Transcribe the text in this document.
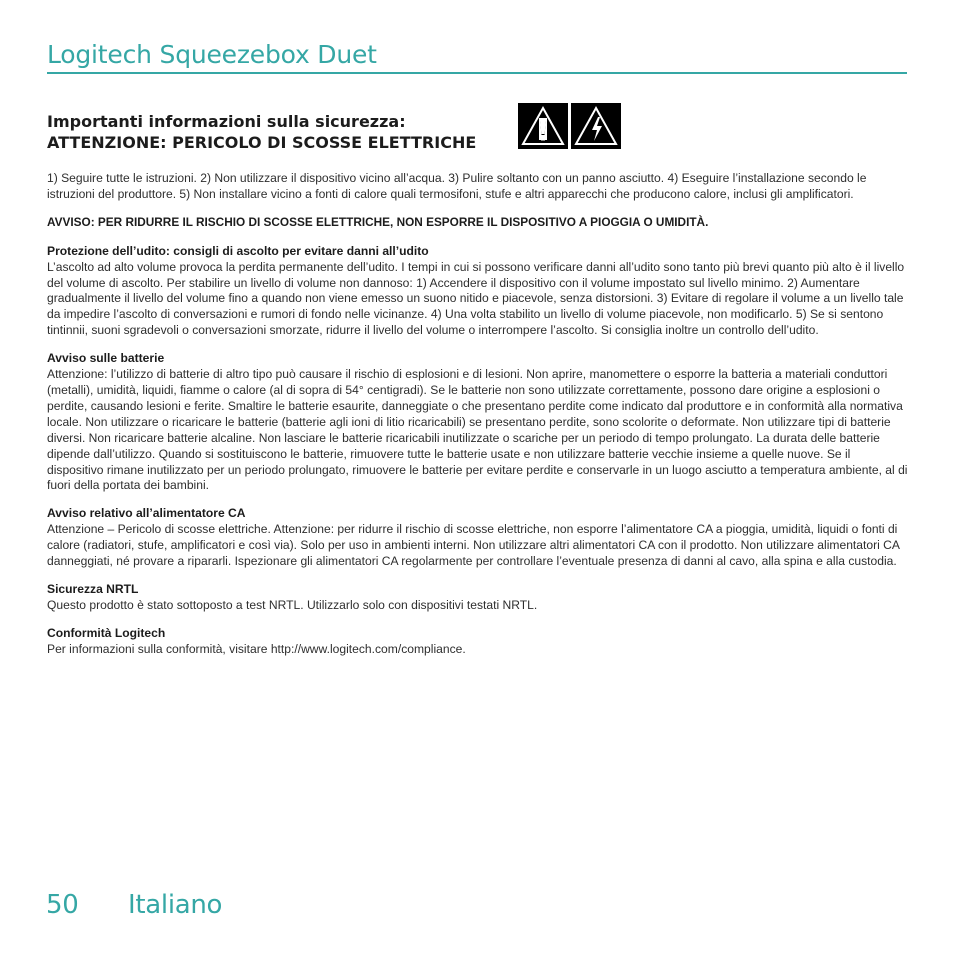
Logitech Squeezebox Duet
Importanti informazioni sulla sicurezza:
ATTENZIONE: PERICOLO DI SCOSSE ELETTRICHE

1) Seguire tutte le istruzioni. 2) Non utilizzare il dispositivo vicino all’acqua. 3) Pulire soltanto con un panno asciutto. 4) Eseguire l’installazione secondo le istruzioni del produttore. 5) Non installare vicino a fonti di calore quali termosifoni, stufe e altri apparecchi che producono calore, inclusi gli amplificatori.

AVVISO: PER RIDURRE IL RISCHIO DI SCOSSE ELETTRICHE, NON ESPORRE IL DISPOSITIVO A PIOGGIA O UMIDITÀ.
Protezione dell’udito: consigli di ascolto per evitare danni all’udito
L’ascolto ad alto volume provoca la perdita permanente dell’udito. I tempi in cui si possono verificare danni all’udito sono tanto più brevi quanto più alto è il livello del volume di ascolto. Per stabilire un livello di volume non dannoso: 1) Accendere il dispositivo con il volume impostato sul livello minimo. 2) Aumentare gradualmente il livello del volume fino a quando non viene emesso un suono nitido e piacevole, senza distorsioni. 3) Evitare di regolare il volume a un livello tale da impedire l’ascolto di conversazioni e rumori di fondo nelle vicinanze. 4) Una volta stabilito un livello di volume piacevole, non modificarlo. 5) Se si sentono tintinnii, suoni sgradevoli o conversazioni smorzate, ridurre il livello del volume o interrompere l’ascolto. Si consiglia inoltre un controllo dell’udito.
Avviso sulle batterie
Attenzione: l’utilizzo di batterie di altro tipo può causare il rischio di esplosioni e di lesioni. Non aprire, manomettere o esporre la batteria a materiali conduttori (metalli), umidità, liquidi, fiamme o calore (al di sopra di 54° centigradi). Se le batterie non sono utilizzate correttamente, possono dare origine a esplosioni o perdite, causando lesioni e ferite. Smaltire le batterie esaurite, danneggiate o che presentano perdite come indicato dal produttore e in conformità alla normativa locale. Non utilizzare o ricaricare le batterie (batterie agli ioni di litio ricaricabili) se presentano perdite, sono scolorite o deformate. Non utilizzare tipi di batterie diversi. Non ricaricare batterie alcaline. Non lasciare le batterie ricaricabili inutilizzate o scariche per un periodo di tempo prolungato. La durata delle batterie dipende dall’utilizzo. Quando si sostituiscono le batterie, rimuovere tutte le batterie usate e non utilizzare batterie vecchie insieme a quelle nuove. Se il dispositivo rimane inutilizzato per un periodo prolungato, rimuovere le batterie per evitare perdite e conservarle in un luogo asciutto a temperatura ambiente, al di fuori della portata dei bambini.
Avviso relativo all’alimentatore CA
Attenzione – Pericolo di scosse elettriche. Attenzione: per ridurre il rischio di scosse elettriche, non esporre l’alimentatore CA a pioggia, umidità, liquidi o fonti di calore (radiatori, stufe, amplificatori e così via). Solo per uso in ambienti interni. Non utilizzare altri alimentatori CA con il prodotto. Non utilizzare alimentatori CA danneggiati, né provare a ripararli. Ispezionare gli alimentatori CA regolarmente per controllare l’eventuale presenza di danni al cavo, alla spina e alla custodia.
Sicurezza NRTL
Questo prodotto è stato sottoposto a test NRTL. Utilizzarlo solo con dispositivi testati NRTL.
Conformità Logitech
Per informazioni sulla conformità, visitare http://www.logitech.com/compliance.
50 Italiano
